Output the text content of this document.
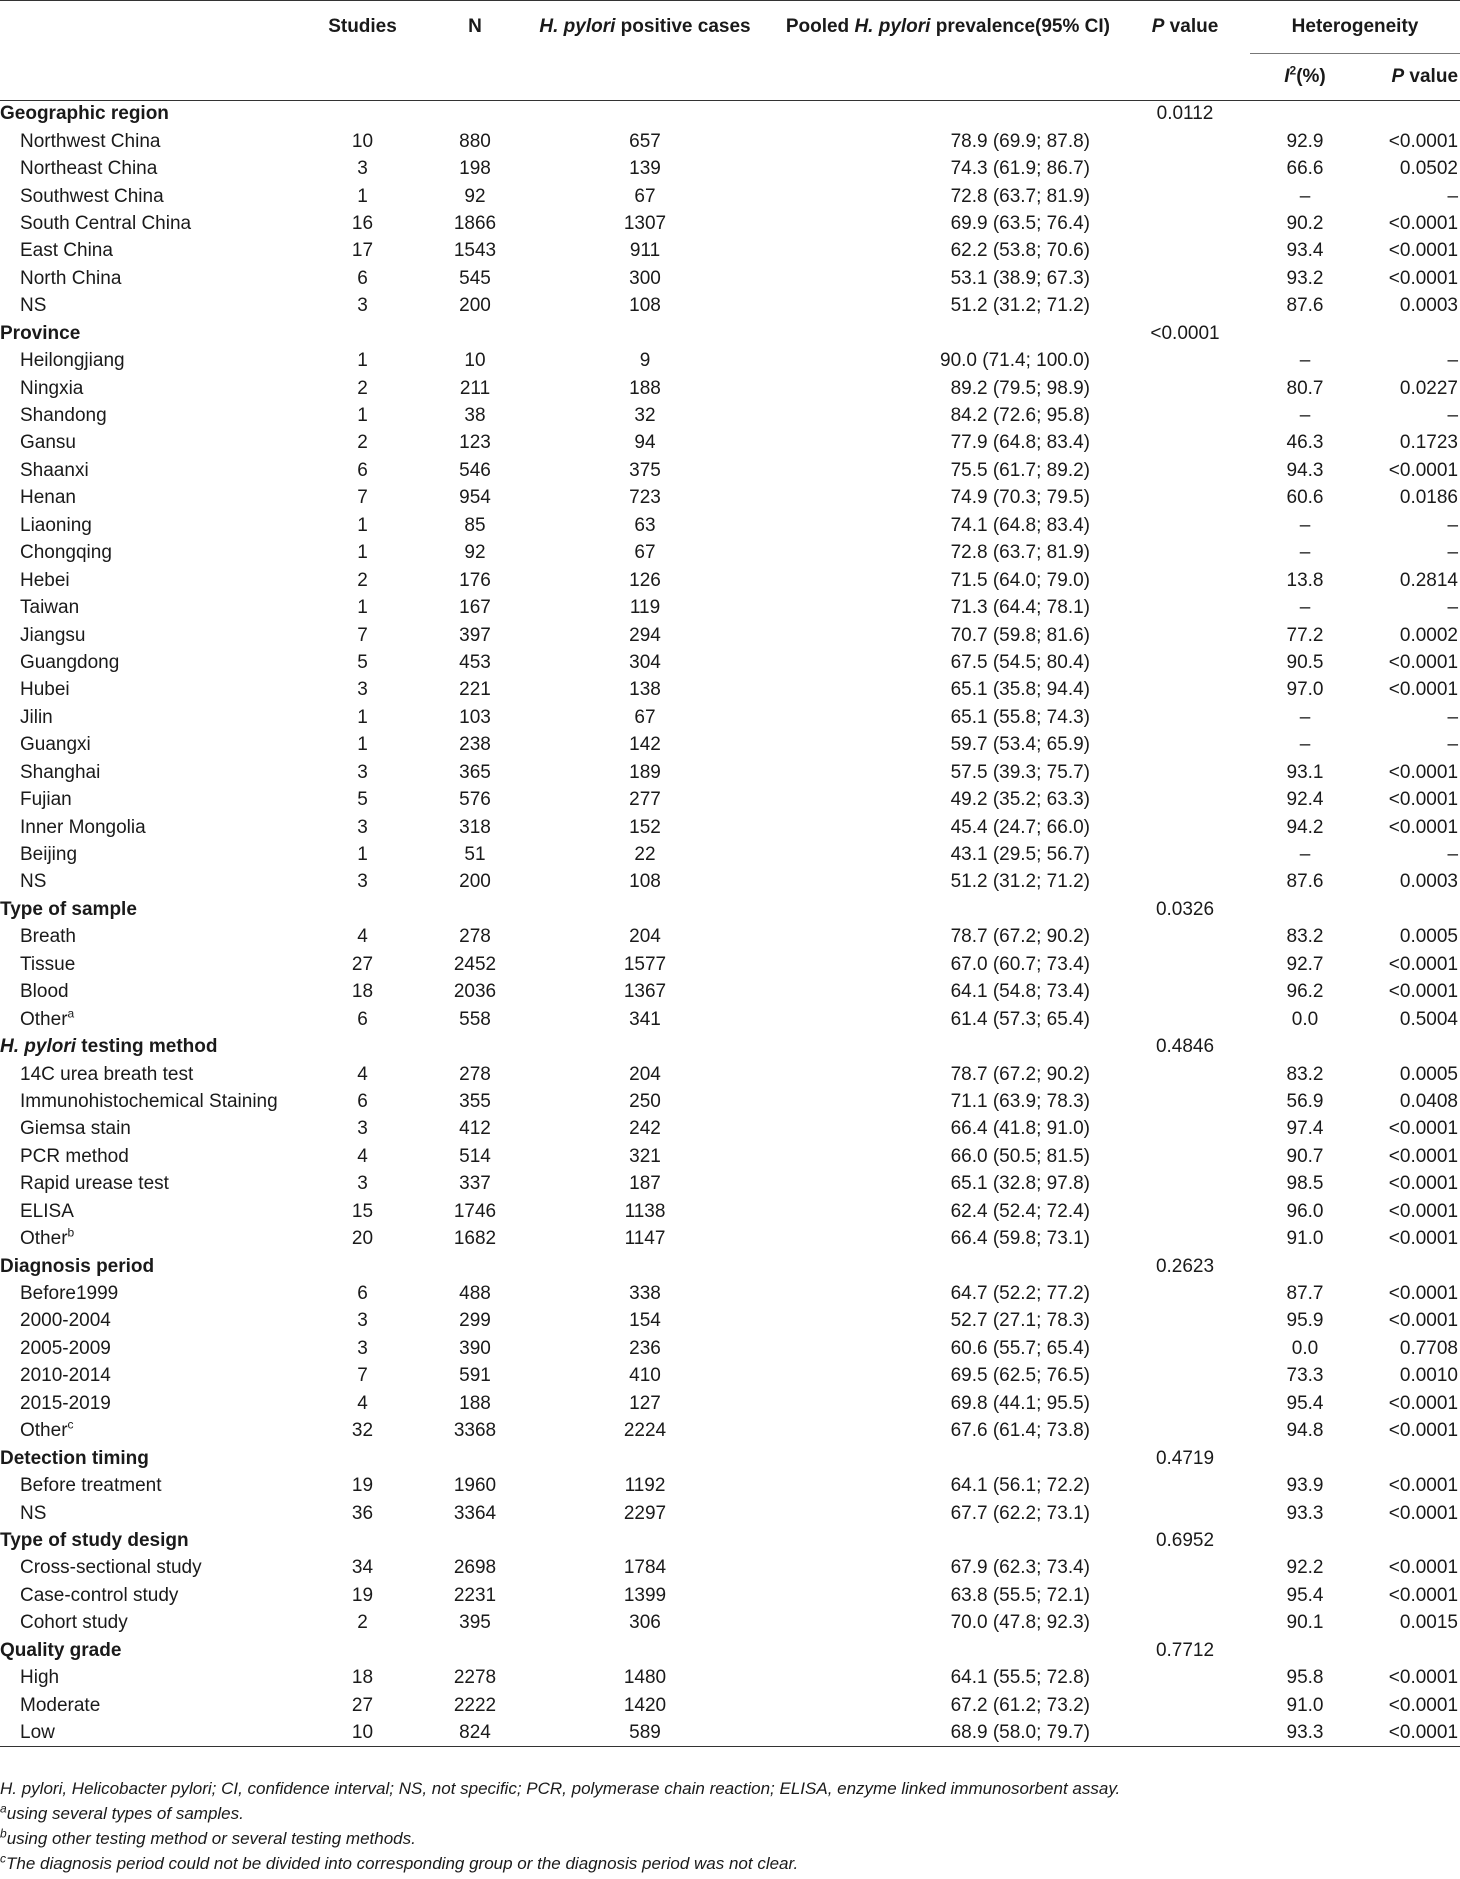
	Studies	N	H. pylori positive cases	Pooled H. pylori prevalence(95% CI)	P value	Heterogeneity	
						$I^2(\%)$	P value
Geographic region					0.0112		
Northwest China	10	880	657	78.9 (69.9; 87.8)		92.9	<0.0001
Northeast China	3	198	139	74.3 (61.9; 86.7)		66.6	0.0502
Southwest China	1	92	67	72.8 (63.7; 81.9)		–	–
South Central China	16	1866	1307	69.9 (63.5; 76.4)		90.2	<0.0001
East China	17	1543	911	62.2 (53.8; 70.6)		93.4	<0.0001
North China	6	545	300	53.1 (38.9; 67.3)		93.2	<0.0001
NS	3	200	108	51.2 (31.2; 71.2)		87.6	0.0003
Province					<0.0001		
Heilongjiang	1	10	9	90.0 (71.4; 100.0)		–	–
Ningxia	2	211	188	89.2 (79.5; 98.9)		80.7	0.0227
Shandong	1	38	32	84.2 (72.6; 95.8)		–	–
Gansu	2	123	94	77.9 (64.8; 83.4)		46.3	0.1723
Shaanxi	6	546	375	75.5 (61.7; 89.2)		94.3	<0.0001
Henan	7	954	723	74.9 (70.3; 79.5)		60.6	0.0186
Liaoning	1	85	63	74.1 (64.8; 83.4)		–	–
Chongqing	1	92	67	72.8 (63.7; 81.9)		–	–
Hebei	2	176	126	71.5 (64.0; 79.0)		13.8	0.2814
Taiwan	1	167	119	71.3 (64.4; 78.1)		–	–
Jiangsu	7	397	294	70.7 (59.8; 81.6)		77.2	0.0002
Guangdong	5	453	304	67.5 (54.5; 80.4)		90.5	<0.0001
Hubei	3	221	138	65.1 (35.8; 94.4)		97.0	<0.0001
Jilin	1	103	67	65.1 (55.8; 74.3)		–	–
Guangxi	1	238	142	59.7 (53.4; 65.9)		–	–
Shanghai	3	365	189	57.5 (39.3; 75.7)		93.1	<0.0001
Fujian	5	576	277	49.2 (35.2; 63.3)		92.4	<0.0001
Inner Mongolia	3	318	152	45.4 (24.7; 66.0)		94.2	<0.0001
Beijing	1	51	22	43.1 (29.5; 56.7)		–	–
NS	3	200	108	51.2 (31.2; 71.2)		87.6	0.0003
Type of sample					0.0326		
Breath	4	278	204	78.7 (67.2; 90.2)		83.2	0.0005
Tissue	27	2452	1577	67.0 (60.7; 73.4)		92.7	<0.0001
Blood	18	2036	1367	64.1 (54.8; 73.4)		96.2	<0.0001
Other$^a$	6	558	341	61.4 (57.3; 65.4)		0.0	0.5004
H. pylori testing method					0.4846		
14C urea breath test	4	278	204	78.7 (67.2; 90.2)		83.2	0.0005
Immunohistochemical Staining	6	355	250	71.1 (63.9; 78.3)		56.9	0.0408
Giemsa stain	3	412	242	66.4 (41.8; 91.0)		97.4	<0.0001
PCR method	4	514	321	66.0 (50.5; 81.5)		90.7	<0.0001
Rapid urease test	3	337	187	65.1 (32.8; 97.8)		98.5	<0.0001
ELISA	15	1746	1138	62.4 (52.4; 72.4)		96.0	<0.0001
Other$^b$	20	1682	1147	66.4 (59.8; 73.1)		91.0	<0.0001
Diagnosis period					0.2623		
Before1999	6	488	338	64.7 (52.2; 77.2)		87.7	<0.0001
2000-2004	3	299	154	52.7 (27.1; 78.3)		95.9	<0.0001
2005-2009	3	390	236	60.6 (55.7; 65.4)		0.0	0.7708
2010-2014	7	591	410	69.5 (62.5; 76.5)		73.3	0.0010
2015-2019	4	188	127	69.8 (44.1; 95.5)		95.4	<0.0001
Other$^c$	32	3368	2224	67.6 (61.4; 73.8)		94.8	<0.0001
Detection timing					0.4719		
Before treatment	19	1960	1192	64.1 (56.1; 72.2)		93.9	<0.0001
NS	36	3364	2297	67.7 (62.2; 73.1)		93.3	<0.0001
Type of study design					0.6952		
Cross-sectional study	34	2698	1784	67.9 (62.3; 73.4)		92.2	<0.0001
Case-control study	19	2231	1399	63.8 (55.5; 72.1)		95.4	<0.0001
Cohort study	2	395	306	70.0 (47.8; 92.3)		90.1	0.0015
Quality grade					0.7712		
High	18	2278	1480	64.1 (55.5; 72.8)		95.8	<0.0001
Moderate	27	2222	1420	67.2 (61.2; 73.2)		91.0	<0.0001
Low	10	824	589	68.9 (58.0; 79.7)		93.3	<0.0001
H. pylori, Helicobacter pylori; CI, confidence interval; NS, not specific; PCR, polymerase chain reaction; ELISA, enzyme linked immunosorbent assay.
$^a$using several types of samples.
$^b$using other testing method or several testing methods.
$^c$The diagnosis period could not be divided into corresponding group or the diagnosis period was not clear.
